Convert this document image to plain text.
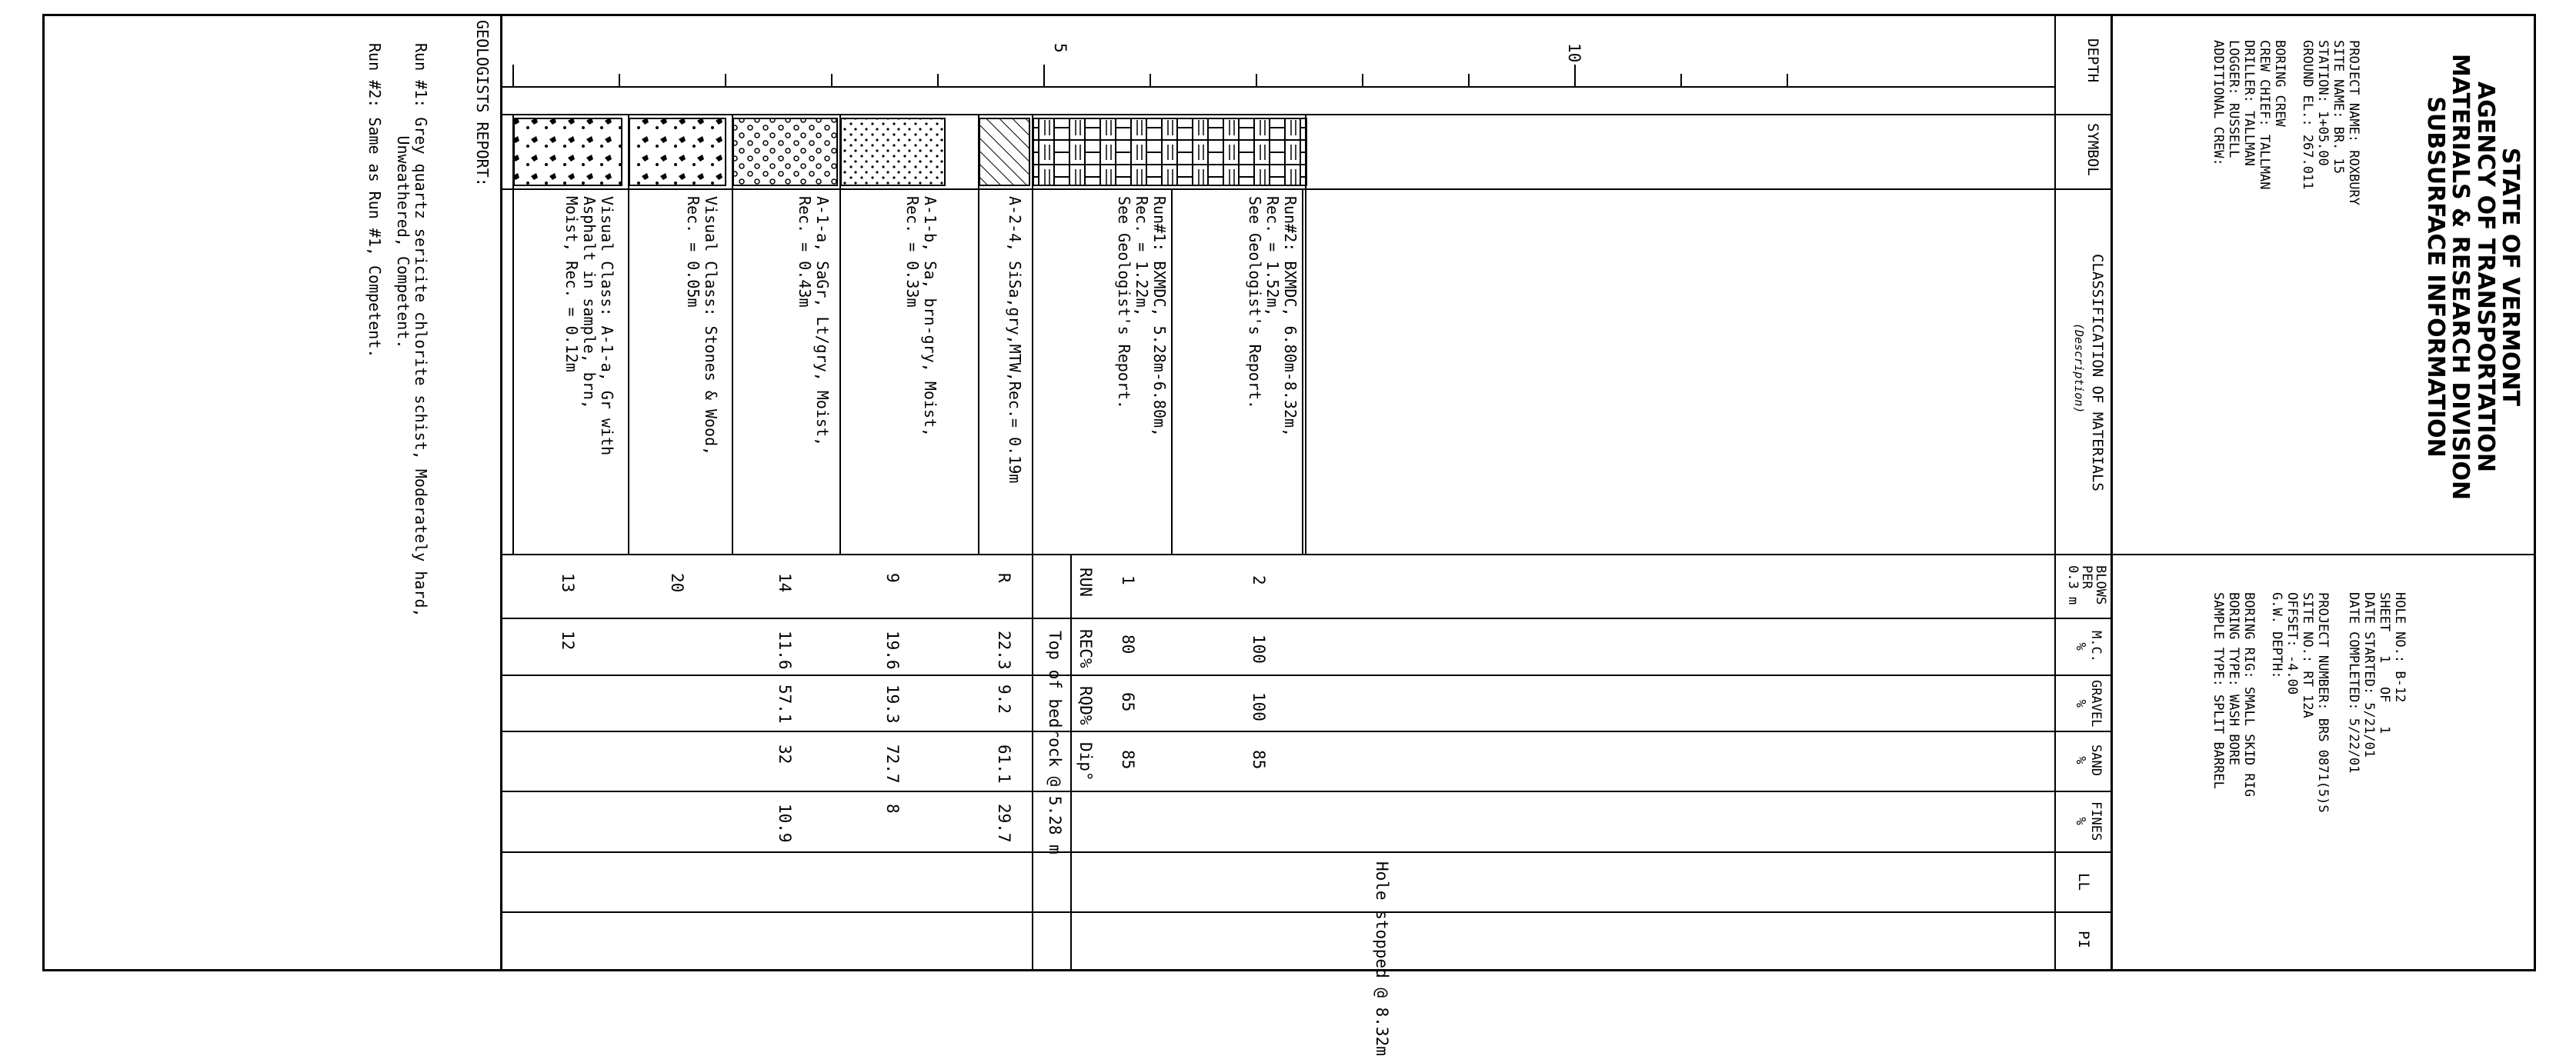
STATE OF VERMONT
AGENCY OF TRANSPORTATION
MATERIALS & RESEARCH DIVISION
SUBSURFACE INFORMATION
PROJECT NAME: ROXBURY
SITE NAME: BR. 15
STATION: 1+05.00
GROUND EL.: 267.011
BORING CREW
CREW CHIEF: TALLMAN
DRILLER: TALLMAN
LOGGER: RUSSELL
ADDITIONAL CREW:
HOLE NO.: B-12
SHEET   1   OF   1
DATE STARTED: 5/21/01
DATE COMPLETED: 5/22/01
PROJECT NUMBER: BRS 0871(5)S
SITE NO.: RT 12A
OFFSET: -4.00
G.W. DEPTH:
BORING RIG: SMALL SKID RIG
BORING TYPE: WASH BORE
SAMPLE TYPE: SPLIT BARREL
DEPTH
SYMBOL
CLASSIFICATION OF MATERIALS
(Description)
BLOWS
PER
0.3 m
M.C.
%
GRAVEL
%
SAND
%
FINES
%
LL
PI
5	10
Visual Class: A-1-a, Gr with
Asphalt in sample, brn,
Moist, Rec. = 0.12m
13
12
Visual Class: Stones & Wood,
Rec. = 0.05m
20
A-1-a, SaGr, Lt/gry, Moist,
Rec. = 0.43m
14
11.6
57.1
32
10.9
A-1-b, Sa, brn-gry, Moist,
Rec. = 0.33m
9
19.6
19.3
72.7
8
A-2-4, SiSa,gry,MTW,Rec.= 0.19m
R
22.3
9.2
61.1
29.7
RUN
REC%
RQD%
Dip°
Run#1: BXMDC, 5.28m-6.80m,
Rec. = 1.22m,
See Geologist's Report.
1
80
65
85
Run#2: BXMDC, 6.80m-8.32m,
Rec. = 1.52m,
See Geologist's Report.
2
100
100
85
Top of bedrock @ 5.28 m
Hole stopped @ 8.32m
GEOLOGISTS REPORT:
Run #1: Grey quartz sericite chlorite schist, Moderately hard,
Unweathered, Competent.
Run #2: Same as Run #1, Competent.
